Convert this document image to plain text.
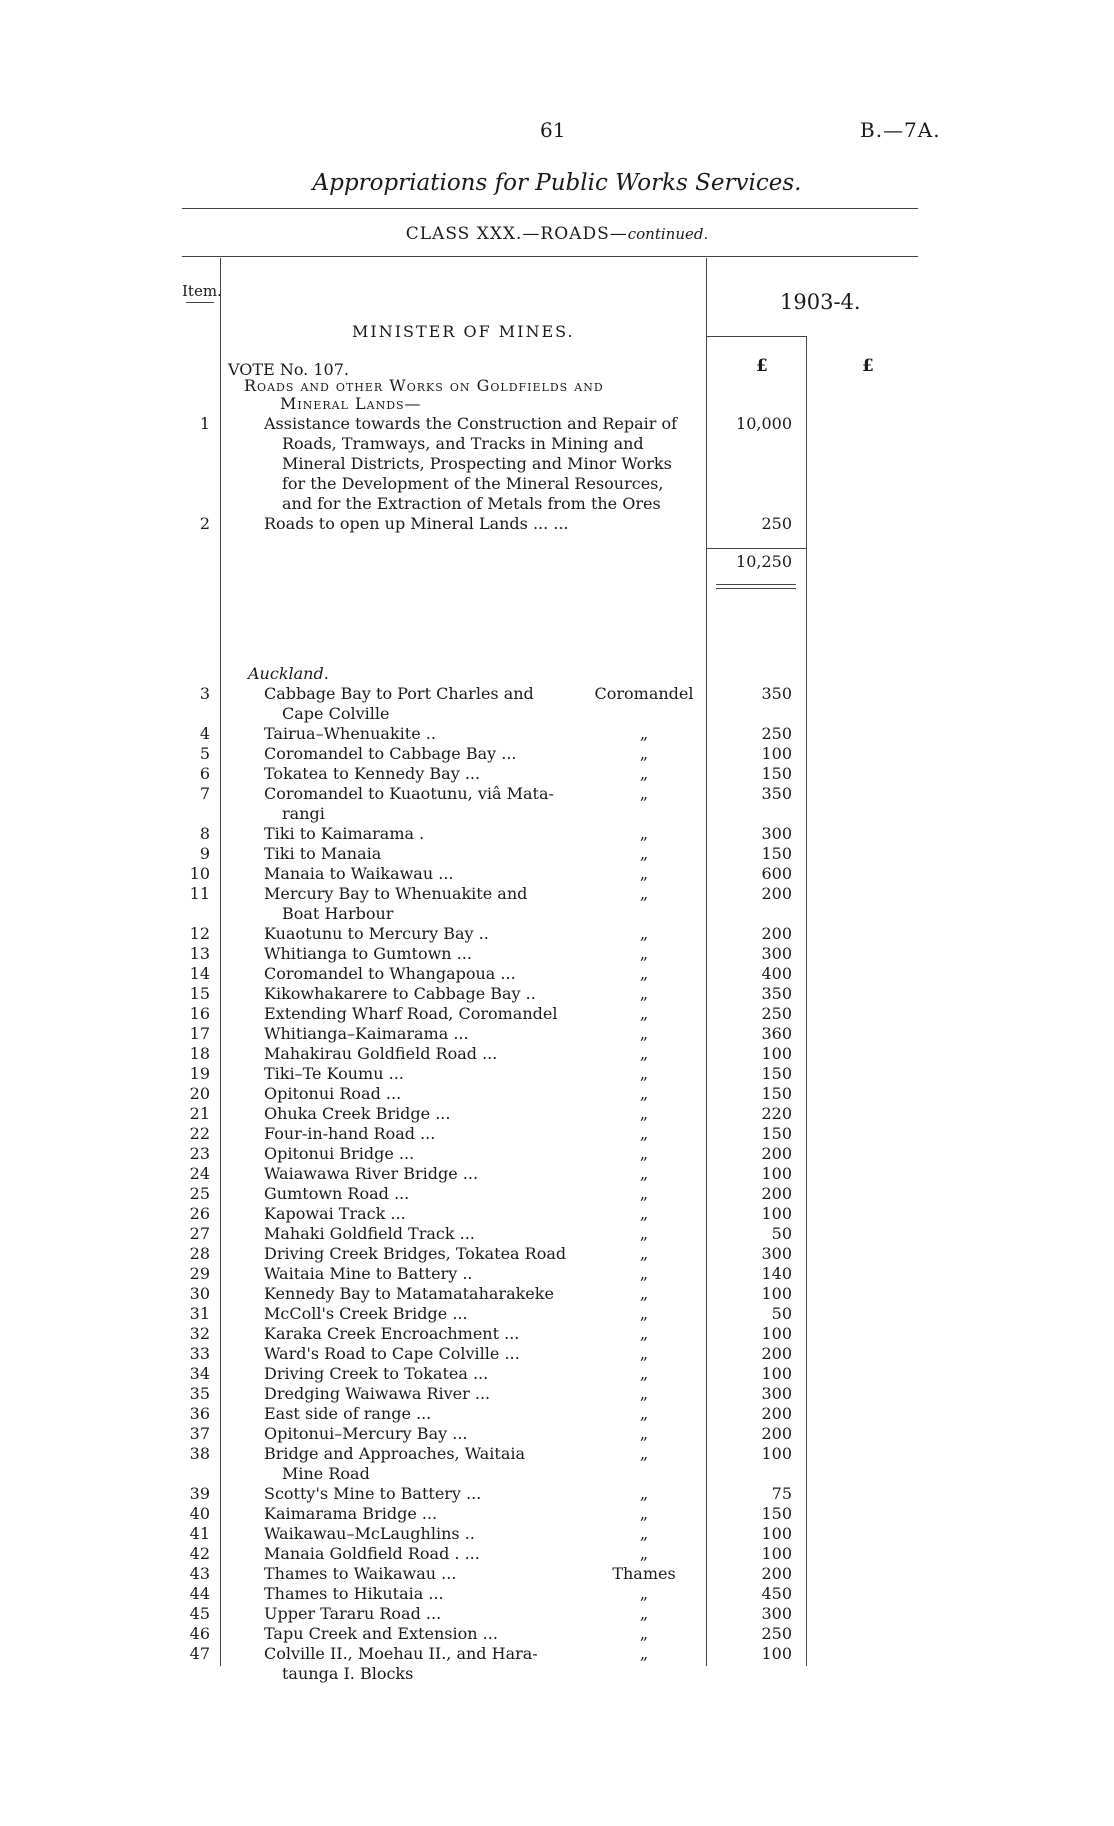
61	B.—7A.
Appropriations for Public Works Services.
CLASS XXX.—ROADS—continued.
Item.	1903-4.
£	£
MINISTER OF MINES.
VOTE No. 107.
Roads and other Works on Goldfields and
Mineral Lands—
1	Assistance towards the Construction and Repair of
Roads, Tramways, and Tracks in Mining and
Mineral Districts, Prospecting and Minor Works
for the Development of the Mineral Resources,
and for the Extraction of Metals from the Ores
10,000
2	Roads to open up Mineral Lands ... ...	250
10,250
Auckland.
3	Cabbage Bay to Port Charles and
Cape Colville
Coromandel	350
4	Tairua–Whenuakite ..	„	250
5	Coromandel to Cabbage Bay ...	„	100
6	Tokatea to Kennedy Bay ...	„	150
7	Coromandel to Kuaotunu, viâ Mata-
rangi
„	350
8	Tiki to Kaimarama .	„	300
9	Tiki to Manaia	„	150
10	Manaia to Waikawau ...	„	600
11	Mercury Bay to Whenuakite and
Boat Harbour
„	200
12	Kuaotunu to Mercury Bay ..	„	200
13	Whitianga to Gumtown ...	„	300
14	Coromandel to Whangapoua ...	„	400
15	Kikowhakarere to Cabbage Bay ..	„	350
16	Extending Wharf Road, Coromandel	„	250
17	Whitianga–Kaimarama ...	„	360
18	Mahakirau Goldfield Road ...	„	100
19	Tiki–Te Koumu ...	„	150
20	Opitonui Road ...	„	150
21	Ohuka Creek Bridge ...	„	220
22	Four-in-hand Road ...	„	150
23	Opitonui Bridge ...	„	200
24	Waiawawa River Bridge ...	„	100
25	Gumtown Road ...	„	200
26	Kapowai Track ...	„	100
27	Mahaki Goldfield Track ...	„	50
28	Driving Creek Bridges, Tokatea Road	„	300
29	Waitaia Mine to Battery ..	„	140
30	Kennedy Bay to Matamataharakeke	„	100
31	McColl's Creek Bridge ...	„	50
32	Karaka Creek Encroachment ...	„	100
33	Ward's Road to Cape Colville ...	„	200
34	Driving Creek to Tokatea ...	„	100
35	Dredging Waiwawa River ...	„	300
36	East side of range ...	„	200
37	Opitonui–Mercury Bay ...	„	200
38	Bridge and Approaches, Waitaia
Mine Road
„	100
39	Scotty's Mine to Battery ...	„	75
40	Kaimarama Bridge ...	„	150
41	Waikawau–McLaughlins ..	„	100
42	Manaia Goldfield Road . ...	„	100
43	Thames to Waikawau ...	Thames	200
44	Thames to Hikutaia ...	„	450
45	Upper Tararu Road ...	„	300
46	Tapu Creek and Extension ...	„	250
47	Colville II., Moehau II., and Hara-
taunga I. Blocks
„	100
